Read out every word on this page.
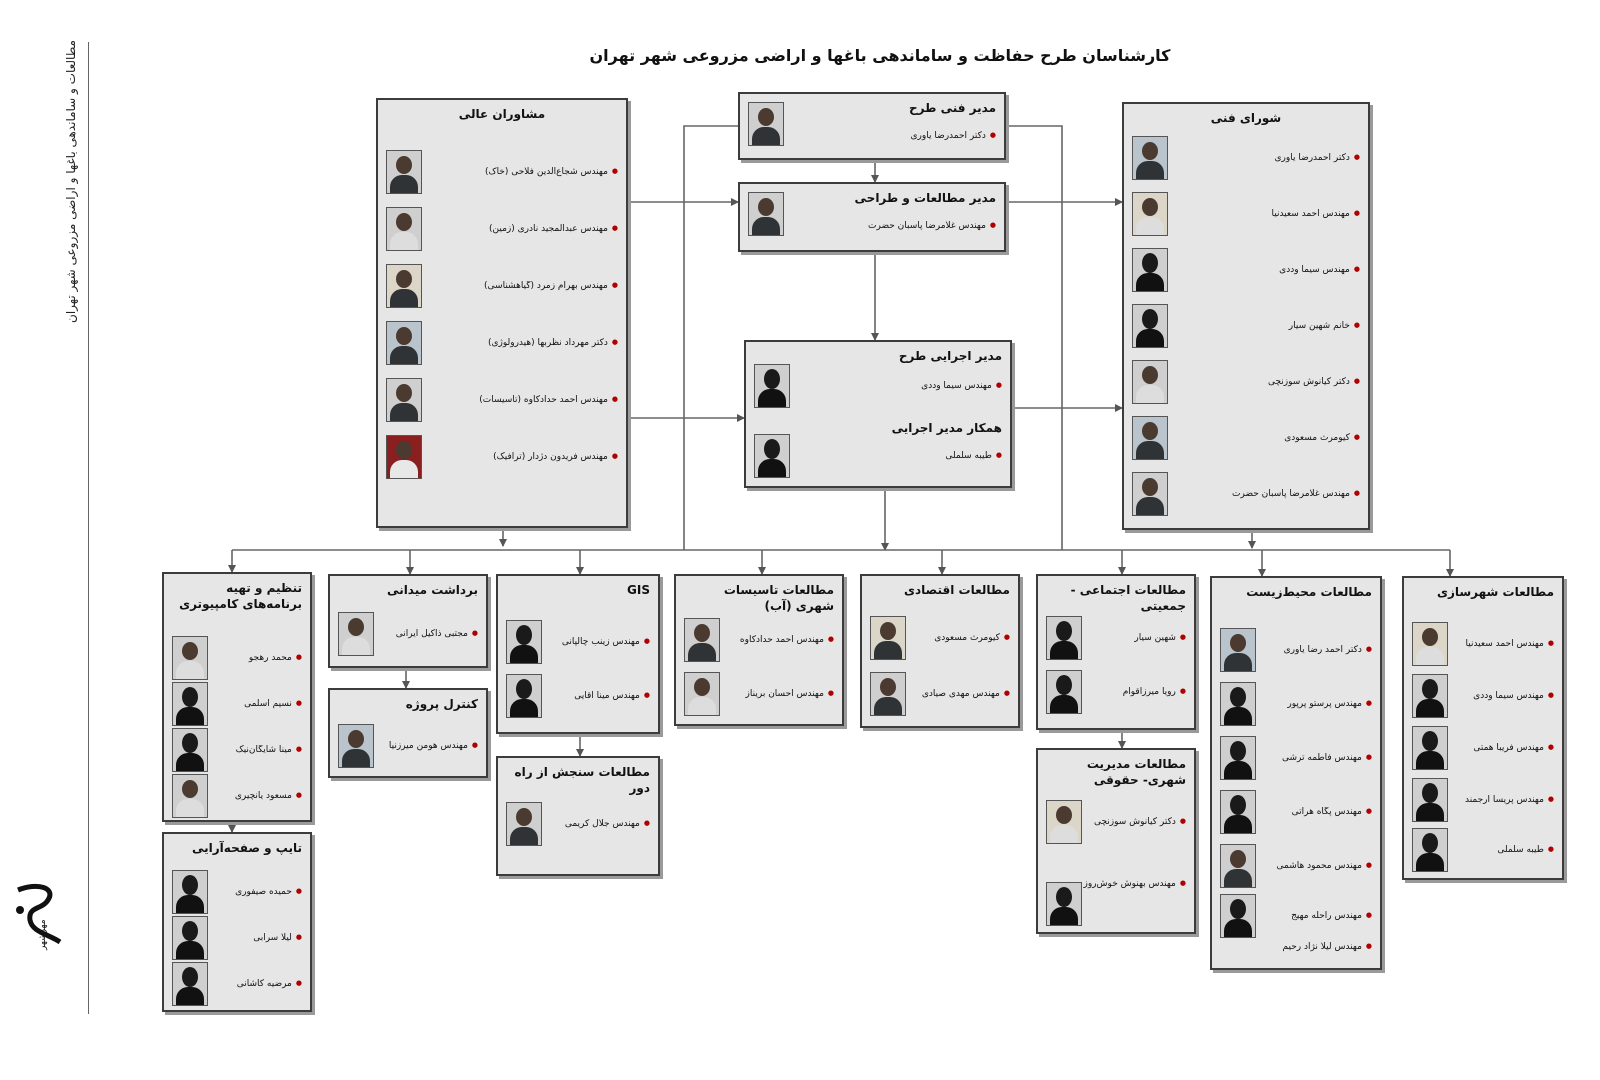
مطالعات و ساماندهی باغها و اراضی مزروعی شهر تهران
مهرشهر
کارشناسان طرح حفاظت و ساماندهی باغها و اراضی مزروعی شهر تهران
مدیر فنی طرح
● دکتر احمدرضا یاوری
مدیر مطالعات و طراحی
● مهندس غلامرضا پاسبان حضرت
مدیر اجرایی طرح
● مهندس سیما وددی
همکار مدیر اجرایی
● طیبه سلملی
مشاوران عالی
● مهندس شجاع‌الدین فلاحی (خاک)
● مهندس عبدالمجید نادری (زمین)
● مهندس بهرام زمرد (گیاهشناسی)
● دکتر مهرداد نظربها (هیدرولوژی)
● مهندس احمد حدادکاوه (تاسیسات)
● مهندس فریدون دژدار (ترافیک)
شورای فنی
● دکتر احمدرضا یاوری
● مهندس احمد سعیدنیا
● مهندس سیما وددی
● خانم شهین سیار
● دکتر کیانوش سوزنچی
● کیومرث مسعودی
● مهندس غلامرضا پاسبان حضرت
تنظیم و تهیه برنامه‌های کامپیوتری
● محمد رهجو
● نسیم اسلمی
● مینا شایگان‌نیک
● مسعود یانچیری
تایپ و صفحه‌آرایی
● حمیده صیفوری
● لیلا سرابی
● مرضیه کاشانی
برداشت میدانی
● مجتبی ذاکیل ایرانی
کنترل پروژه
● مهندس هومن میرزنیا
GIS
● مهندس زینب چالپانی
● مهندس مینا آقایی
مطالعات سنجش از راه دور
● مهندس جلال کریمی
مطالعات تاسیسات شهری (آب)
● مهندس احمد حدادکاوه
● مهندس احسان بریناز
مطالعات اقتصادی
● کیومرث مسعودی
● مهندس مهدی صیادی
مطالعات اجتماعی - جمعیتی
● شهین سیار
● رویا میرزاقوام
مطالعات مدیریت شهری- حقوقی
● دکتر کیانوش سوزنچی
● مهندس بهنوش خوش‌روز
مطالعات محیط‌زیست
● دکتر احمد رضا یاوری
● مهندس پرستو پرپور
● مهندس فاطمه ترشی
● مهندس پگاه هراتی
● مهندس محمود هاشمی
● مهندس راحله مهیج
● مهندس لیلا نژاد رحیم
مطالعات شهرسازی
● مهندس احمد سعیدنیا
● مهندس سیما وددی
● مهندس فریبا همتی
● مهندس پریسا ارجمند
● طیبه سلملی
